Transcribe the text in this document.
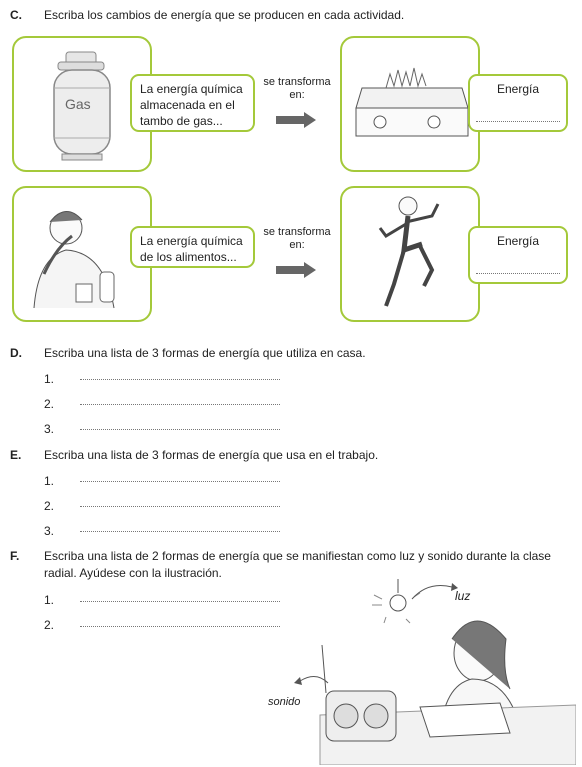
C. Escriba los cambios de energía que se producen en cada actividad.
Gas
La energía química almacenada en el tambo de gas...
se transforma en:	Energía
La energía química de los alimentos...
se transforma en:	Energía
D. Escriba una lista de 3 formas de energía que utiliza en casa.
1.
2.
3.
E. Escriba una lista de 3 formas de energía que usa en el trabajo.
1.
2.
3.
F. Escriba una lista de 2 formas de energía que se manifiestan como luz y sonido durante la clase radial. Ayúdese con la ilustración.
1.
2.
luz
sonido
